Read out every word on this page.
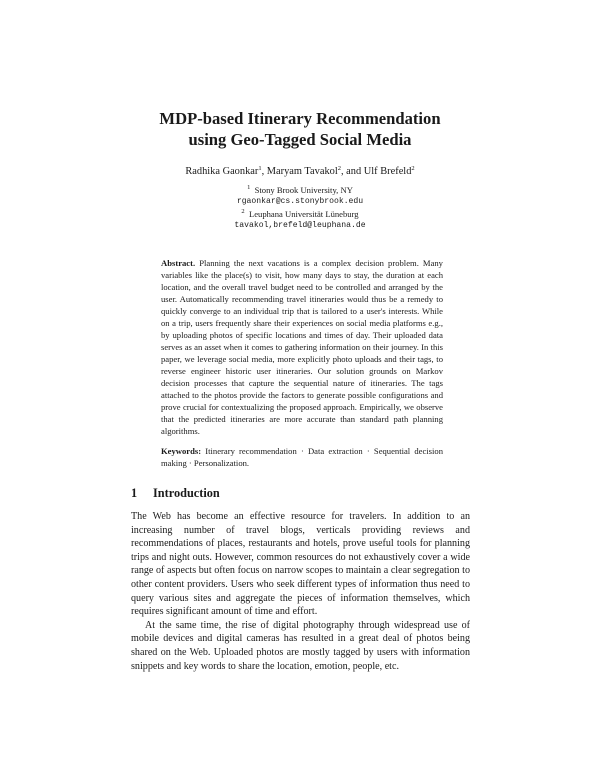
MDP-based Itinerary Recommendation
using Geo-Tagged Social Media
Radhika Gaonkar$^1$, Maryam Tavakol$^2$, and Ulf Brefeld$^2$
$^1$ Stony Brook University, NY
rgaonkar@cs.stonybrook.edu
$^2$ Leuphana Universität Lüneburg
tavakol,brefeld@leuphana.de

Abstract. Planning the next vacations is a complex decision problem. Many variables like the place(s) to visit, how many days to stay, the duration at each location, and the overall travel budget need to be controlled and arranged by the user. Automatically recommending travel itineraries would thus be a remedy to quickly converge to an individual trip that is tailored to a user's interests. While on a trip, users frequently share their experiences on social media platforms e.g., by uploading photos of specific locations and times of day. Their uploaded data serves as an asset when it comes to gathering information on their journey. In this paper, we leverage social media, more explicitly photo uploads and their tags, to reverse engineer historic user itineraries. Our solution grounds on Markov decision processes that capture the sequential nature of itineraries. The tags attached to the photos provide the factors to generate possible configurations and prove crucial for contextualizing the proposed approach. Empirically, we observe that the predicted itineraries are more accurate than standard path planning algorithms.

Keywords: Itinerary recommendation · Data extraction · Sequential decision making · Personalization.

1 Introduction

The Web has become an effective resource for travelers. In addition to an increasing number of travel blogs, verticals providing reviews and recommendations of places, restaurants and hotels, prove useful tools for planning trips and night outs. However, common resources do not exhaustively cover a wide range of aspects but often focus on narrow scopes to maintain a clear segregation to other content providers. Users who seek different types of information thus need to query various sites and aggregate the pieces of information themselves, which requires significant amount of time and effort.

At the same time, the rise of digital photography through widespread use of mobile devices and digital cameras has resulted in a great deal of photos being shared on the Web. Uploaded photos are mostly tagged by users with information snippets and key words to share the location, emotion, people, etc.
